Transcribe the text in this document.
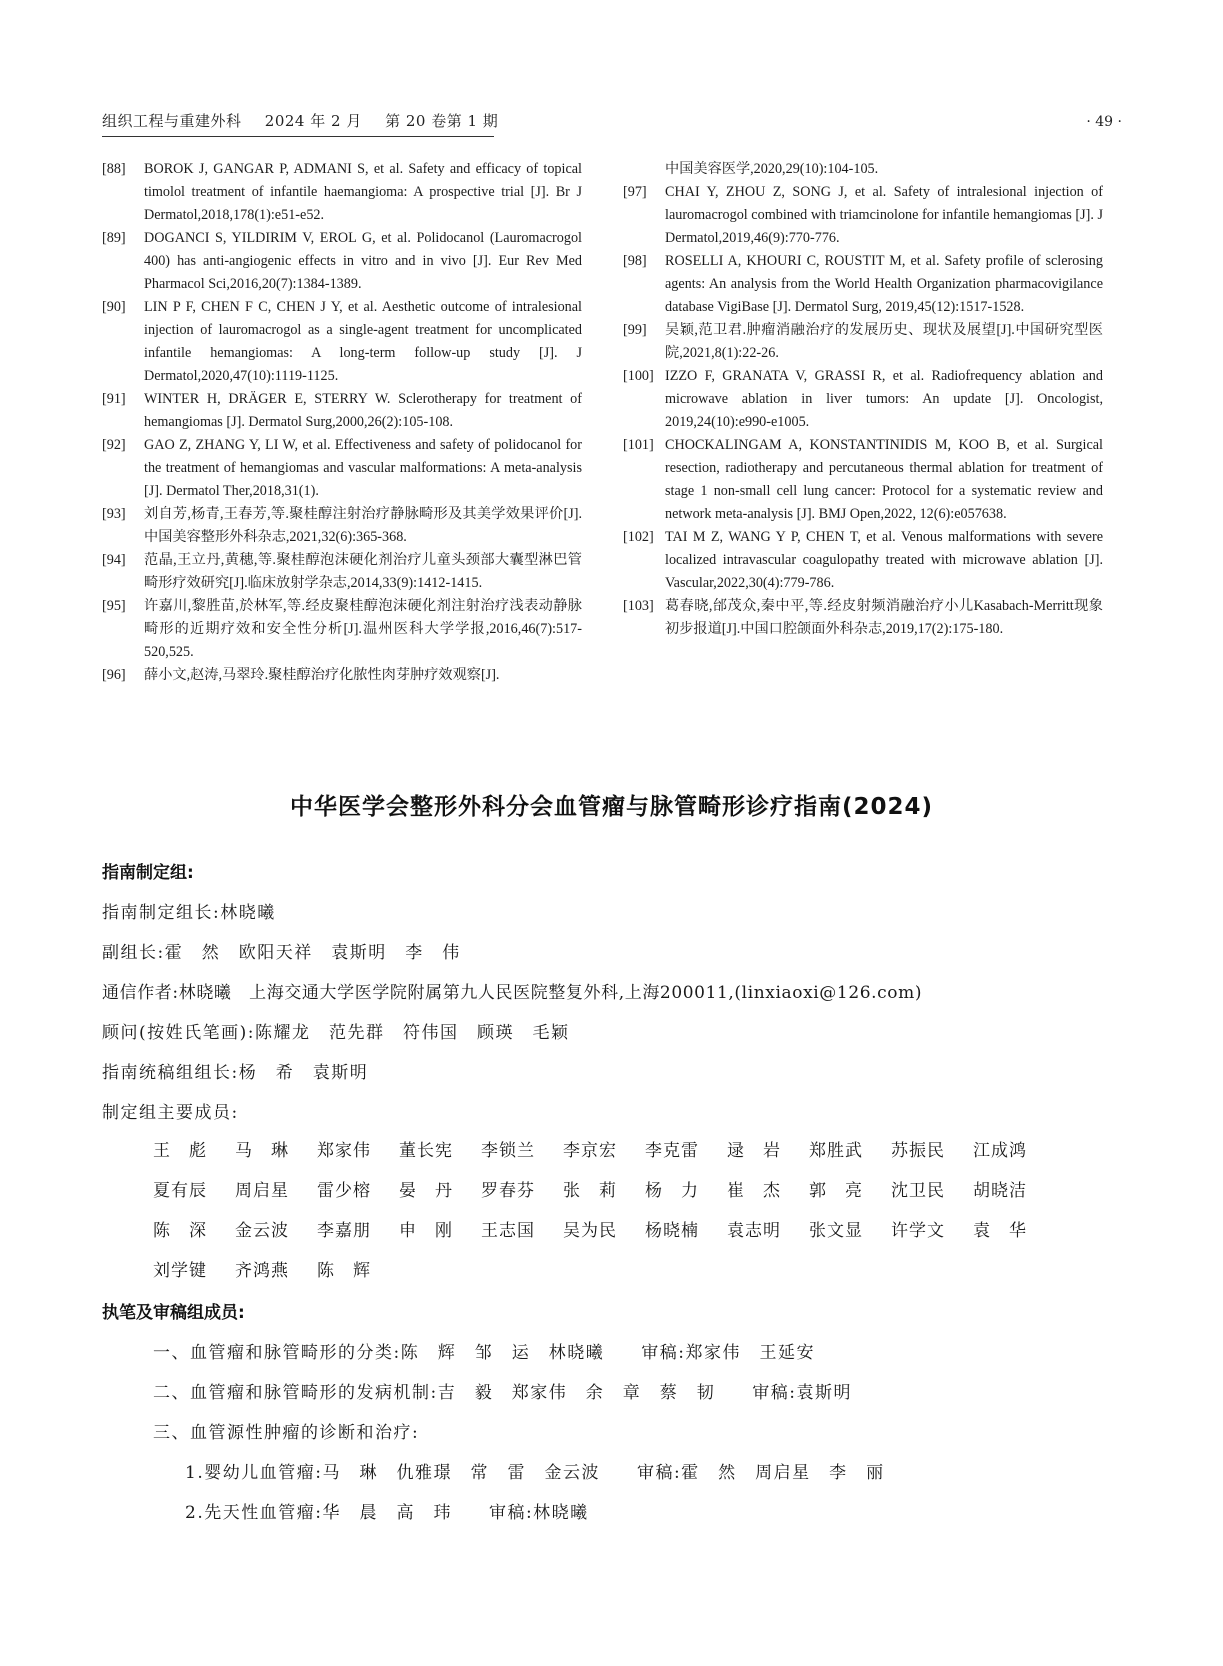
组织工程与重建外科 2024 年 2 月 第 20 卷第 1 期	· 49 ·
[88] BOROK J, GANGAR P, ADMANI S, et al. Safety and efficacy of topical timolol treatment of infantile haemangioma: A prospective trial [J]. Br J Dermatol,2018,178(1):e51-e52.
[89] DOGANCI S, YILDIRIM V, EROL G, et al. Polidocanol (Lauromacrogol 400) has anti-angiogenic effects in vitro and in vivo [J]. Eur Rev Med Pharmacol Sci,2016,20(7):1384-1389.
[90] LIN P F, CHEN F C, CHEN J Y, et al. Aesthetic outcome of intralesional injection of lauromacrogol as a single-agent treatment for uncomplicated infantile hemangiomas: A long-term follow-up study [J]. J Dermatol,2020,47(10):1119-1125.
[91] WINTER H, DRÄGER E, STERRY W. Sclerotherapy for treatment of hemangiomas [J]. Dermatol Surg,2000,26(2):105-108.
[92] GAO Z, ZHANG Y, LI W, et al. Effectiveness and safety of polidocanol for the treatment of hemangiomas and vascular malformations: A meta-analysis [J]. Dermatol Ther,2018,31(1).
[93] 刘自芳,杨青,王春芳,等.聚桂醇注射治疗静脉畸形及其美学效果评价[J].中国美容整形外科杂志,2021,32(6):365-368.
[94] 范晶,王立丹,黄穗,等.聚桂醇泡沫硬化剂治疗儿童头颈部大囊型淋巴管畸形疗效研究[J].临床放射学杂志,2014,33(9):1412-1415.
[95] 许嘉川,黎胜苗,於林军,等.经皮聚桂醇泡沫硬化剂注射治疗浅表动静脉畸形的近期疗效和安全性分析[J].温州医科大学学报,2016,46(7):517-520,525.
[96] 薛小文,赵涛,马翠玲.聚桂醇治疗化脓性肉芽肿疗效观察[J].
中国美容医学,2020,29(10):104-105.
[97] CHAI Y, ZHOU Z, SONG J, et al. Safety of intralesional injection of lauromacrogol combined with triamcinolone for infantile hemangiomas [J]. J Dermatol,2019,46(9):770-776.
[98] ROSELLI A, KHOURI C, ROUSTIT M, et al. Safety profile of sclerosing agents: An analysis from the World Health Organization pharmacovigilance database VigiBase [J]. Dermatol Surg, 2019,45(12):1517-1528.
[99] 吴颖,范卫君.肿瘤消融治疗的发展历史、现状及展望[J].中国研究型医院,2021,8(1):22-26.
[100] IZZO F, GRANATA V, GRASSI R, et al. Radiofrequency ablation and microwave ablation in liver tumors: An update [J]. Oncologist, 2019,24(10):e990-e1005.
[101] CHOCKALINGAM A, KONSTANTINIDIS M, KOO B, et al. Surgical resection, radiotherapy and percutaneous thermal ablation for treatment of stage 1 non-small cell lung cancer: Protocol for a systematic review and network meta-analysis [J]. BMJ Open,2022, 12(6):e057638.
[102] TAI M Z, WANG Y P, CHEN T, et al. Venous malformations with severe localized intravascular coagulopathy treated with microwave ablation [J]. Vascular,2022,30(4):779-786.
[103] 葛春晓,邰茂众,秦中平,等.经皮射频消融治疗小儿Kasabach-Merritt现象初步报道[J].中国口腔颌面外科杂志,2019,17(2):175-180.
中华医学会整形外科分会血管瘤与脉管畸形诊疗指南(2024)
指南制定组:
指南制定组长:林晓曦
副组长:霍　然　欧阳天祥　袁斯明　李　伟
通信作者:林晓曦　上海交通大学医学院附属第九人民医院整复外科,上海200011,(linxiaoxi@126.com)
顾问(按姓氏笔画):陈耀龙　范先群　符伟国　顾瑛　毛颖
指南统稿组组长:杨　希　袁斯明
制定组主要成员:
王　彪	马　琳	郑家伟	董长宪	李锁兰	李京宏	李克雷	逯　岩	郑胜武	苏振民	江成鸿
夏有辰	周启星	雷少榕	晏　丹	罗春芬	张　莉	杨　力	崔　杰	郭　亮	沈卫民	胡晓洁
陈　深	金云波	李嘉朋	申　刚	王志国	吴为民	杨晓楠	袁志明	张文显	许学文	袁　华
刘学键	齐鸿燕	陈　辉
执笔及审稿组成员:
一、血管瘤和脉管畸形的分类:陈　辉　邹　运　林晓曦　　审稿:郑家伟　王延安
二、血管瘤和脉管畸形的发病机制:吉　毅　郑家伟　余　章　蔡　韧　　审稿:袁斯明
三、血管源性肿瘤的诊断和治疗:
1.婴幼儿血管瘤:马　琳　仇雅璟　常　雷　金云波　　审稿:霍　然　周启星　李　丽
2.先天性血管瘤:华　晨　高　玮　　审稿:林晓曦
